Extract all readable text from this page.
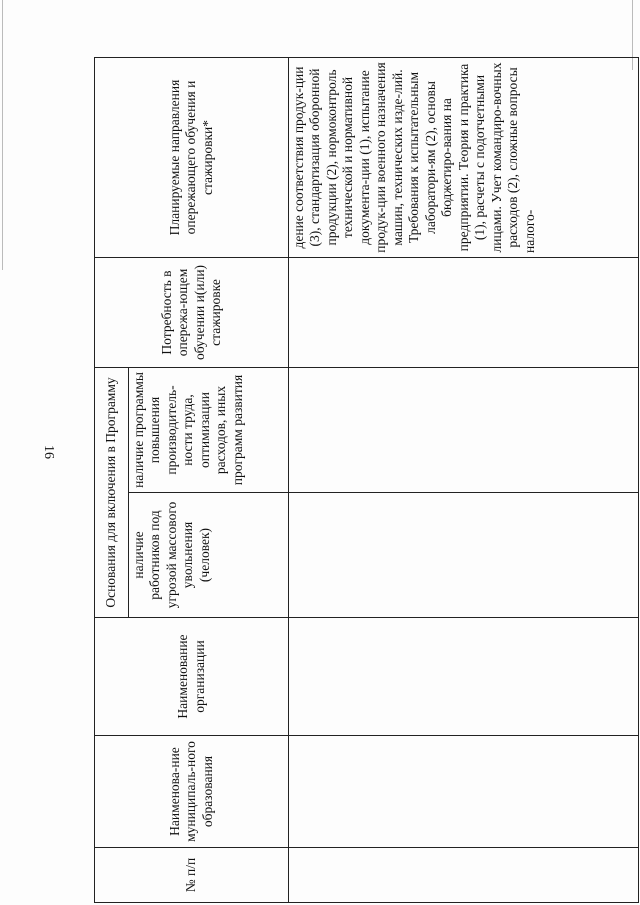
16
№ п/п	Наименова-ние муниципаль-ного образования	Наименование организации	Основания для включения в Программу		Потребность в опережа-ющем обучении и(или) стажировке	Планируемые направления опережающего обучения и стажировки*
			наличие работников под угрозой массового увольнения (человек)	наличие программы повышения производитель-ности труда, оптимизации расходов, иных программ развития		
						дение соответствия продук-ции (3), стандартизация оборонной продукции (2), нормоконтроль технической и нормативной документа-ции (1), испытание продук-ции военного назначения машин, технических изде-лий. Требования к испытательным лаборатори-ям (2), основы бюджетиро-вания на предприятии. Теория и практика (1), расчеты с подотчетными лицами. Учет командиро-вочных расходов (2), сложные вопросы налого-
